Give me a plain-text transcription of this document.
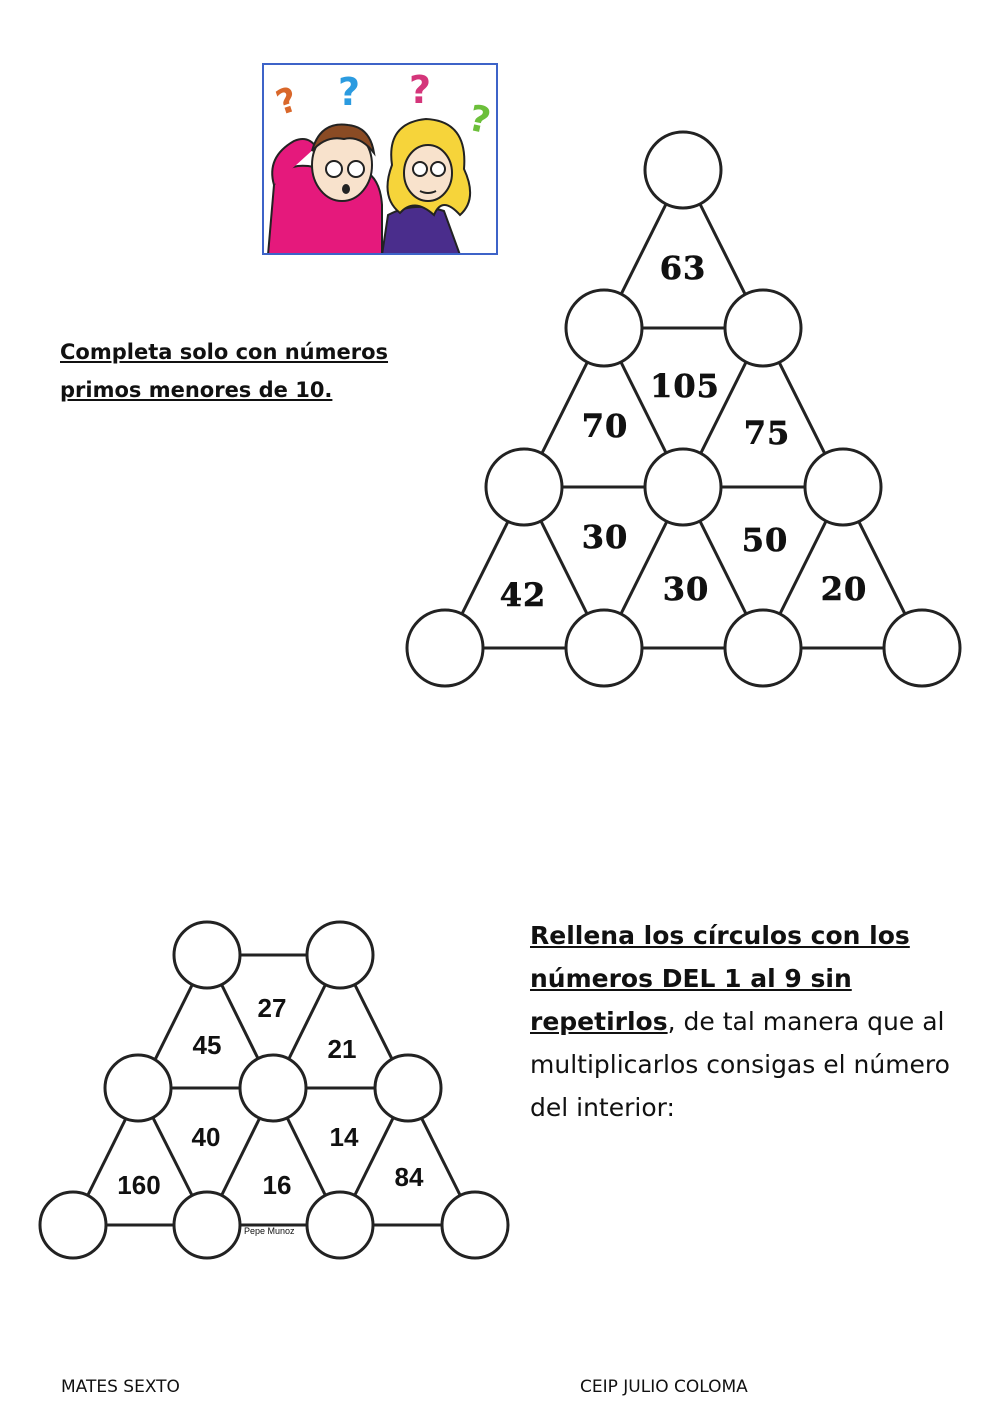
? ? ?
?
Completa solo con números primos menores de 10.
63
105
70	75
30	50
42	30	20
27
45	21
40	14
160	16	84
Pepe Munoz
Rellena los círculos con los números DEL 1 al 9 sin repetirlos, de tal manera que al multiplicarlos consigas el número del interior:
MATES SEXTO	CEIP JULIO COLOMA
